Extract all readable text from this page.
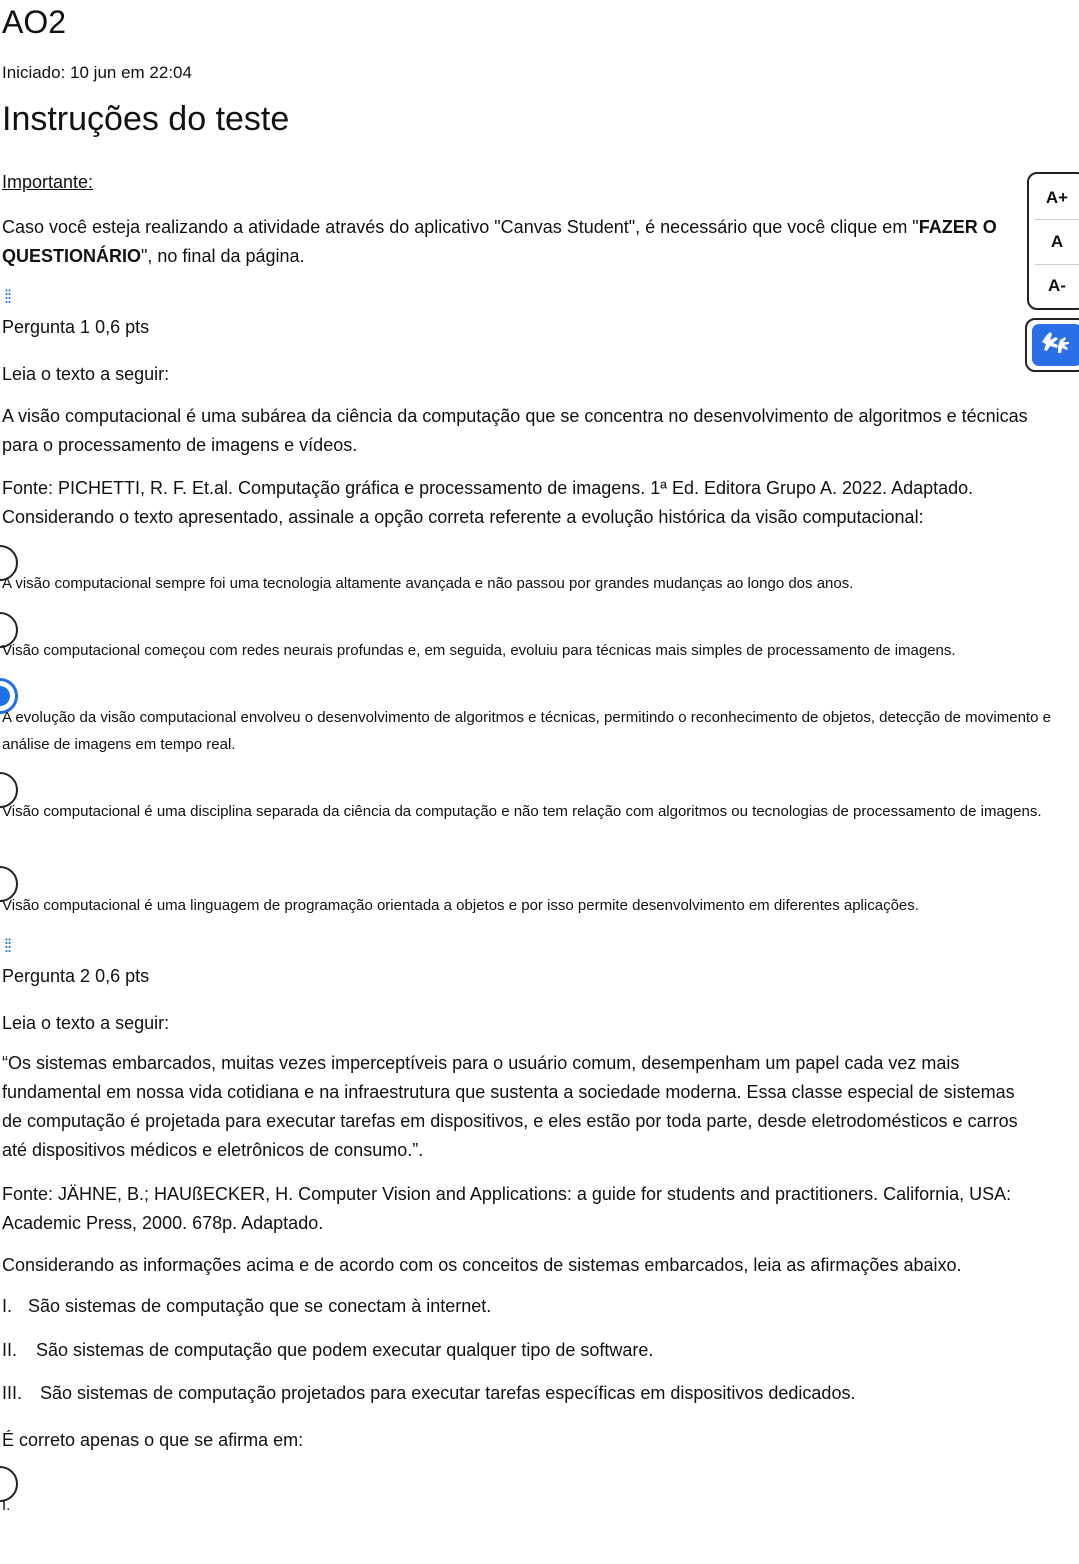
AO2
Iniciado: 10 jun em 22:04
Instruções do teste
Importante:
Caso você esteja realizando a atividade através do aplicativo "Canvas Student", é necessário que você clique em "FAZER O QUESTIONÁRIO", no final da página.
A+
A
A-
⁞⁞
Pergunta 1 0,6 pts
Leia o texto a seguir:
A visão computacional é uma subárea da ciência da computação que se concentra no desenvolvimento de algoritmos e técnicas para o processamento de imagens e vídeos.
Fonte: PICHETTI, R. F. Et.al. Computação gráfica e processamento de imagens. 1ª Ed. Editora Grupo A. 2022. Adaptado.
Considerando o texto apresentado, assinale a opção correta referente a evolução histórica da visão computacional:
A visão computacional sempre foi uma tecnologia altamente avançada e não passou por grandes mudanças ao longo dos anos.
Visão computacional começou com redes neurais profundas e, em seguida, evoluiu para técnicas mais simples de processamento de imagens.
A evolução da visão computacional envolveu o desenvolvimento de algoritmos e técnicas, permitindo o reconhecimento de objetos, detecção de movimento e análise de imagens em tempo real.
Visão computacional é uma disciplina separada da ciência da computação e não tem relação com algoritmos ou tecnologias de processamento de imagens.
Visão computacional é uma linguagem de programação orientada a objetos e por isso permite desenvolvimento em diferentes aplicações.
⁞⁞
Pergunta 2 0,6 pts
Leia o texto a seguir:
“Os sistemas embarcados, muitas vezes imperceptíveis para o usuário comum, desempenham um papel cada vez mais fundamental em nossa vida cotidiana e na infraestrutura que sustenta a sociedade moderna. Essa classe especial de sistemas de computação é projetada para executar tarefas em dispositivos, e eles estão por toda parte, desde eletrodomésticos e carros até dispositivos médicos e eletrônicos de consumo.”.
Fonte: JÄHNE, B.; HAUßECKER, H. Computer Vision and Applications: a guide for students and practitioners. California, USA: Academic Press, 2000. 678p. Adaptado.
Considerando as informações acima e de acordo com os conceitos de sistemas embarcados, leia as afirmações abaixo.
I. São sistemas de computação que se conectam à internet.
II. São sistemas de computação que podem executar qualquer tipo de software.
III. São sistemas de computação projetados para executar tarefas específicas em dispositivos dedicados.
É correto apenas o que se afirma em:
I.
